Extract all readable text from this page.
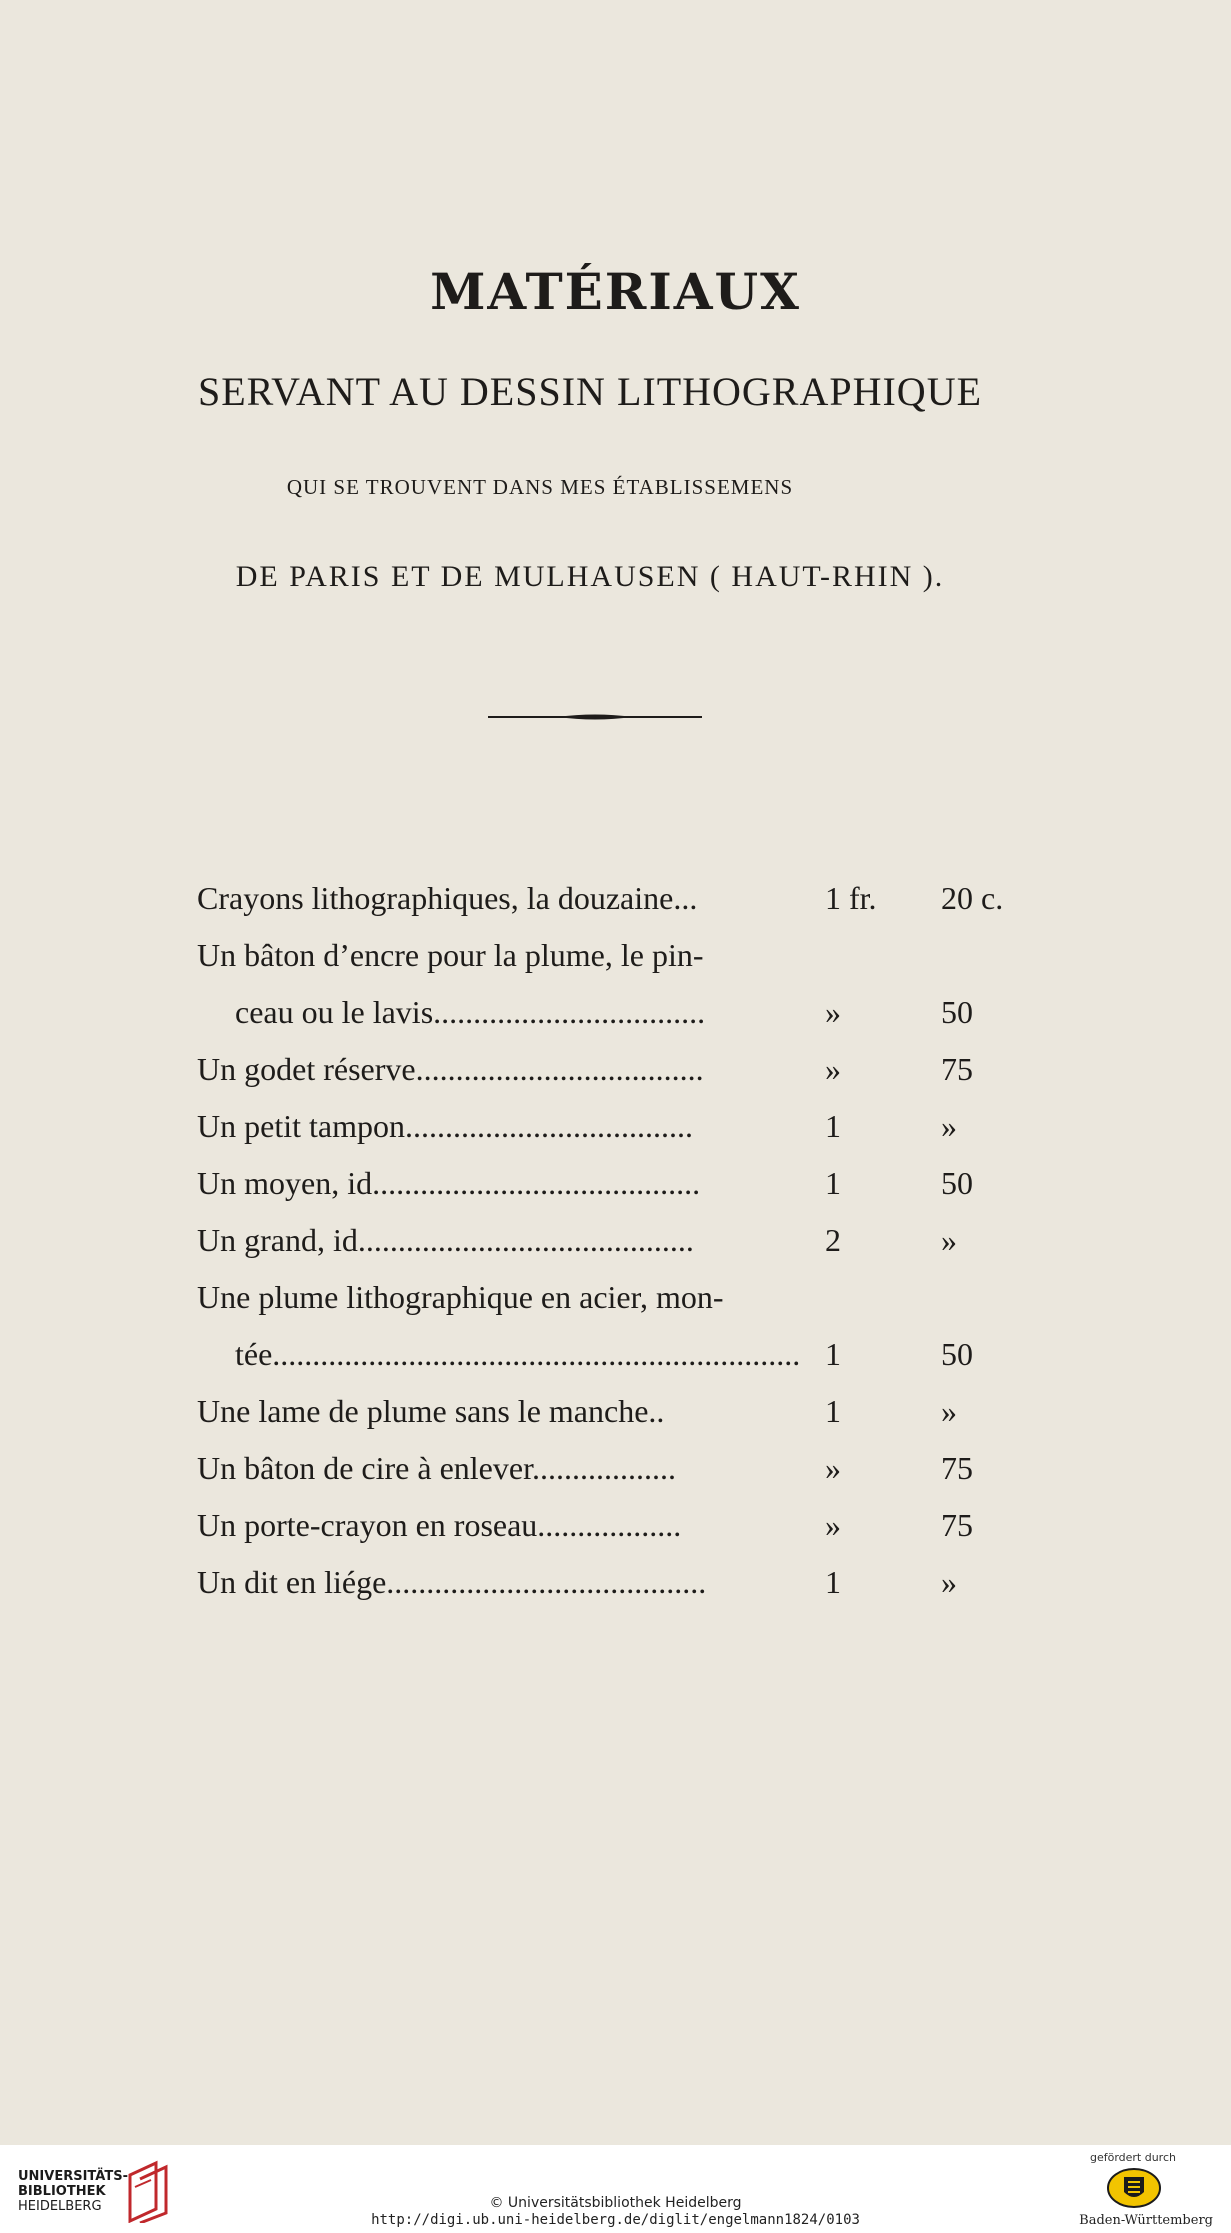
MATÉRIAUX
SERVANT AU DESSIN LITHOGRAPHIQUE
QUI SE TROUVENT DANS MES ÉTABLISSEMENS
DE PARIS ET DE MULHAUSEN ( HAUT-RHIN ).
Crayons lithographiques, la douzaine...	1 fr.	20 c.
Un bâton d’encre pour la plume, le pin-
ceau ou le lavis..................................	»	50
Un godet réserve....................................	»	75
Un petit tampon....................................	1	»
Un moyen, id.........................................	1	50
Un grand, id..........................................	2	»
Une plume lithographique en acier, mon-
tée.................................................................. 1	50
Une lame de plume sans le manche..	1	»
Un bâton de cire à enlever..................	»	75
Un porte-crayon en roseau..................	»	75
Un dit en liége........................................	1	»
UNIVERSITÄTS-
BIBLIOTHEK
HEIDELBERG	© Universitätsbibliothek Heidelberg
http://digi.ub.uni-heidelberg.de/diglit/engelmann1824/0103
gefördert durch
Baden-Württemberg
